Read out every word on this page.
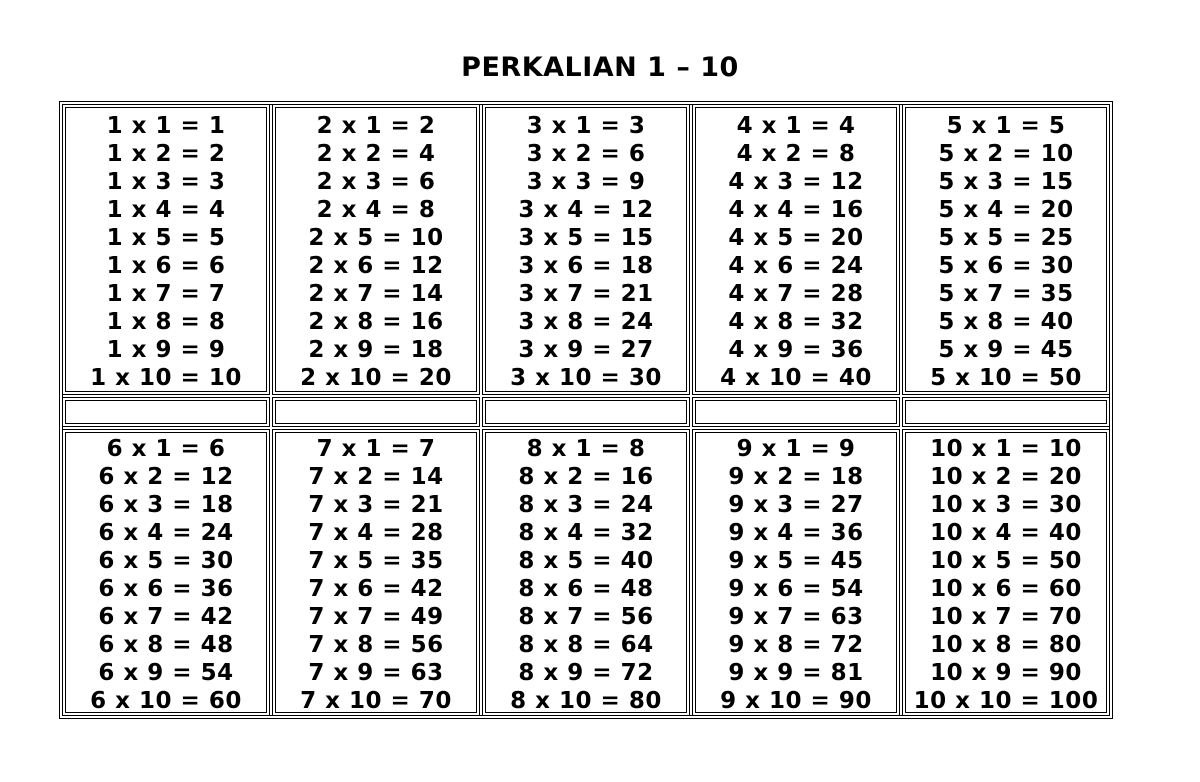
PERKALIAN 1 – 10
1 x 1 = 1
1 x 2 = 2
1 x 3 = 3
1 x 4 = 4
1 x 5 = 5
1 x 6 = 6
1 x 7 = 7
1 x 8 = 8
1 x 9 = 9
1 x 10 = 10
2 x 1 = 2
2 x 2 = 4
2 x 3 = 6
2 x 4 = 8
2 x 5 = 10
2 x 6 = 12
2 x 7 = 14
2 x 8 = 16
2 x 9 = 18
2 x 10 = 20
3 x 1 = 3
3 x 2 = 6
3 x 3 = 9
3 x 4 = 12
3 x 5 = 15
3 x 6 = 18
3 x 7 = 21
3 x 8 = 24
3 x 9 = 27
3 x 10 = 30
4 x 1 = 4
4 x 2 = 8
4 x 3 = 12
4 x 4 = 16
4 x 5 = 20
4 x 6 = 24
4 x 7 = 28
4 x 8 = 32
4 x 9 = 36
4 x 10 = 40
5 x 1 = 5
5 x 2 = 10
5 x 3 = 15
5 x 4 = 20
5 x 5 = 25
5 x 6 = 30
5 x 7 = 35
5 x 8 = 40
5 x 9 = 45
5 x 10 = 50
6 x 1 = 6
6 x 2 = 12
6 x 3 = 18
6 x 4 = 24
6 x 5 = 30
6 x 6 = 36
6 x 7 = 42
6 x 8 = 48
6 x 9 = 54
6 x 10 = 60
7 x 1 = 7
7 x 2 = 14
7 x 3 = 21
7 x 4 = 28
7 x 5 = 35
7 x 6 = 42
7 x 7 = 49
7 x 8 = 56
7 x 9 = 63
7 x 10 = 70
8 x 1 = 8
8 x 2 = 16
8 x 3 = 24
8 x 4 = 32
8 x 5 = 40
8 x 6 = 48
8 x 7 = 56
8 x 8 = 64
8 x 9 = 72
8 x 10 = 80
9 x 1 = 9
9 x 2 = 18
9 x 3 = 27
9 x 4 = 36
9 x 5 = 45
9 x 6 = 54
9 x 7 = 63
9 x 8 = 72
9 x 9 = 81
9 x 10 = 90
10 x 1 = 10
10 x 2 = 20
10 x 3 = 30
10 x 4 = 40
10 x 5 = 50
10 x 6 = 60
10 x 7 = 70
10 x 8 = 80
10 x 9 = 90
10 x 10 = 100
